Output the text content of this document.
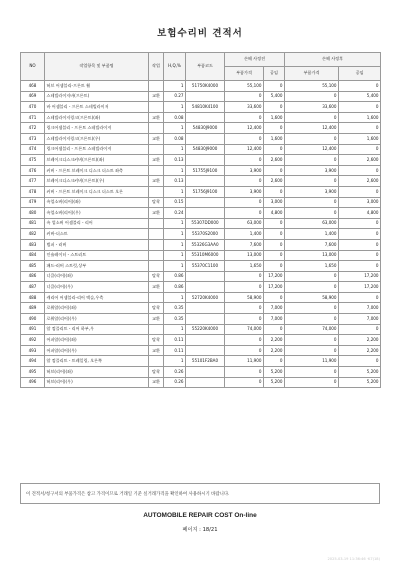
보험수리비 견적서
NO	작업항목 및 부품명	작업	H,Q,%	부품코드	손해 사정전		손해 사정후	
					부품가격	공임	부품가격	공임
468	허브 어셈블리-프론트 휠		1	51750K4000	55,100	0	55,100	0
469	스테빌라이저바(프론트)	교환	0.27		0	5,400	0	5,400
470	바 어셈블리 - 프론트 스테빌라이저		1	54810K4100	33,600	0	33,600	0
471	스테빌라이저링크(프론트)(좌)	교환	0.08		0	1,600	0	1,600
472	링크어셈블리 - 프론트 스테빌라이져		1	54830J9000	12,400	0	12,400	0
473	스테빌라이저링크(프론트)(우)	교환	0.08		0	1,600	0	1,600
474	링크어셈블리 - 프론트 스테빌라이져		1	54830J9000	12,400	0	12,400	0
475	브레이크디스크커버(프론트)(좌)	교환	0.13		0	2,600	0	2,600
476	커버 - 프론트 브레이크 디스크 더스트 좌측		1	51755J9100	3,900	0	3,900	0
477	브레이크디스크커버(프론트)(우)	교환	0.13		0	2,600	0	2,600
478	커버 - 프론트 브레이크 디스크 더스트 오른		1	51756J9100	3,900	0	3,900	0
479	쇽업소버(리어)(좌)	탈착	0.15		0	3,000	0	3,000
480	쇽업소버(리어)(우)	교환	0.24		0	4,800	0	4,800
481	쇽 업소버 어셈블리 - 리어		1	55307DD000	63,000	0	63,000	0
482	커버-더스트		1	55370S2000	1,400	0	1,400	0
483	범퍼 - 러버		1	55326G3AA0	7,600	0	7,600	0
484	인슐레이터 - 스트러트		1	55310M6000	13,000	0	13,000	0
485	패드-러버 스트럿,상부		1	55370C1100	1,650	0	1,650	0
486	너클(리어)(좌)	탈착	0.86		0	17,200	0	17,200
487	너클(리어)(우)	교환	0.86		0	17,200	0	17,200
488	캐리어 어셈블리-리어 액슬,우측		1	52720K4000	58,900	0	58,900	0
489	로워암(리어)(좌)	탈착	0.35		0	7,000	0	7,000
490	로워암(리어)(우)	교환	0.35		0	7,000	0	7,000
491	암 컴플리트 - 리어 하부,우		1	55220K4000	74,000	0	74,000	0
492	어퍼암(리어)(좌)	탈착	0.11		0	2,200	0	2,200
493	어퍼암(리어)(우)	교환	0.11		0	2,200	0	2,200
494	암 컴플리트 - 트레일링, 오른쪽		1	55101F2BA0	11,900	0	11,900	0
495	허브(리어)(좌)	탈착	0.26		0	5,200	0	5,200
496	허브(리어)(우)	교환	0.26		0	5,200	0	5,200
이 견적서/청구서의 부품가격은 참고 가격이므로 거래일 기준 실거래가격을 확인하여 사용하시기 바랍니다.
AUTOMOBILE REPAIR COST On-line
페이지 : 18/21
2025-03-19 11:36:46 ·K7(18)
